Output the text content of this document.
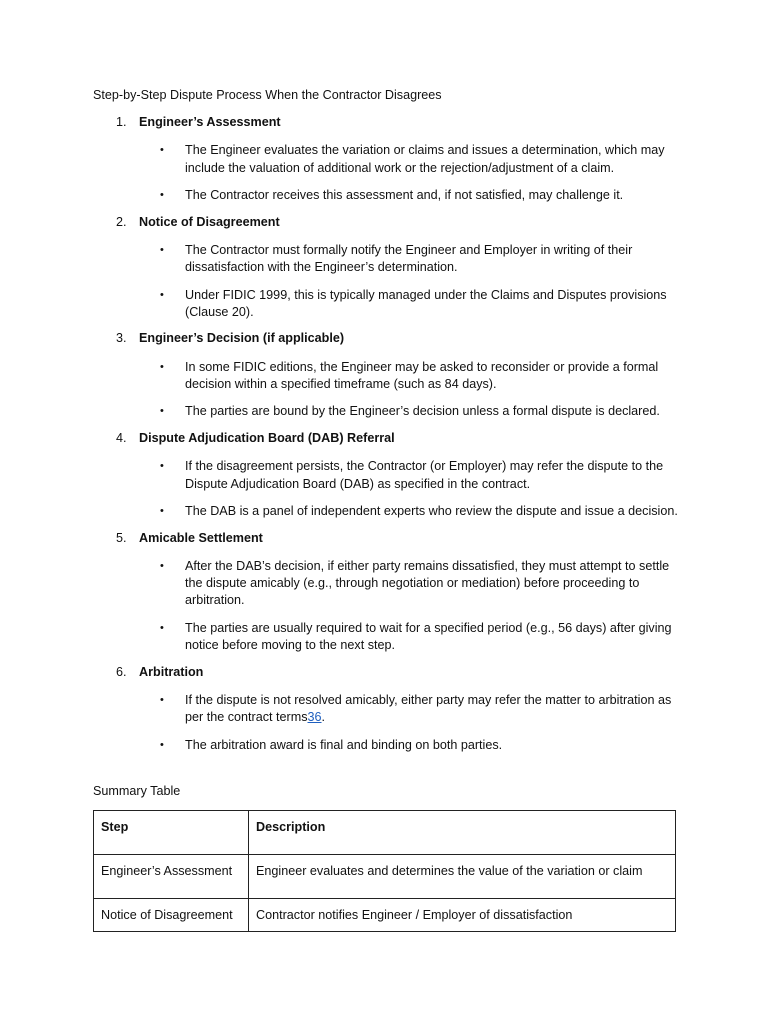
Step-by-Step Dispute Process When the Contractor Disagrees
1. Engineer’s Assessment
• The Engineer evaluates the variation or claims and issues a determination, which may include the valuation of additional work or the rejection/adjustment of a claim.
• The Contractor receives this assessment and, if not satisfied, may challenge it.
2. Notice of Disagreement
• The Contractor must formally notify the Engineer and Employer in writing of their dissatisfaction with the Engineer’s determination.
• Under FIDIC 1999, this is typically managed under the Claims and Disputes provisions (Clause 20).
3. Engineer’s Decision (if applicable)
• In some FIDIC editions, the Engineer may be asked to reconsider or provide a formal decision within a specified timeframe (such as 84 days).
• The parties are bound by the Engineer’s decision unless a formal dispute is declared.
4. Dispute Adjudication Board (DAB) Referral
• If the disagreement persists, the Contractor (or Employer) may refer the dispute to the Dispute Adjudication Board (DAB) as specified in the contract.
• The DAB is a panel of independent experts who review the dispute and issue a decision.
5. Amicable Settlement
• After the DAB’s decision, if either party remains dissatisfied, they must attempt to settle the dispute amicably (e.g., through negotiation or mediation) before proceeding to arbitration.
• The parties are usually required to wait for a specified period (e.g., 56 days) after giving notice before moving to the next step.
6. Arbitration
• If the dispute is not resolved amicably, either party may refer the matter to arbitration as per the contract terms36.
• The arbitration award is final and binding on both parties.
Summary Table
Step	Description
Engineer’s Assessment	Engineer evaluates and determines the value of the variation or claim
Notice of Disagreement	Contractor notifies Engineer / Employer of dissatisfaction
